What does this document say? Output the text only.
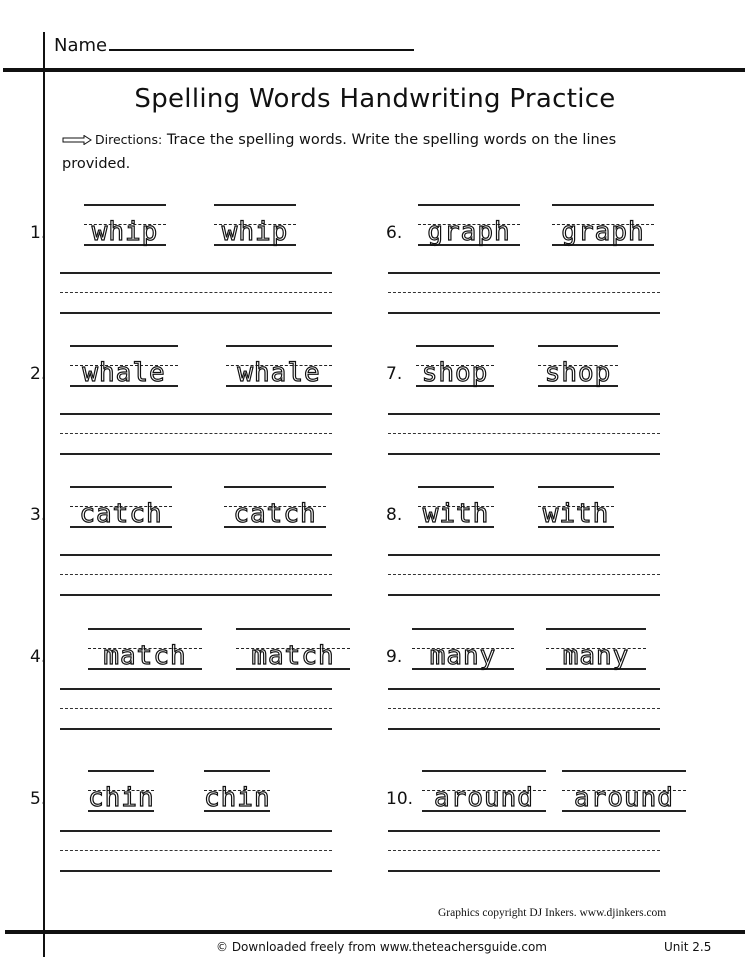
Name
Spelling Words Handwriting Practice
Directions: Trace the spelling words. Write the spelling words on the lines provided.
1. whip whip
2.	whale	whale
3.	catch	catch
4.	match	match
5. chin chin
6. graph	graph
7. shop shop
8. with with
9.	many	many
10. around	around
Graphics copyright DJ Inkers. www.djinkers.com
© Downloaded freely from www.theteachersguide.com	Unit 2.5
